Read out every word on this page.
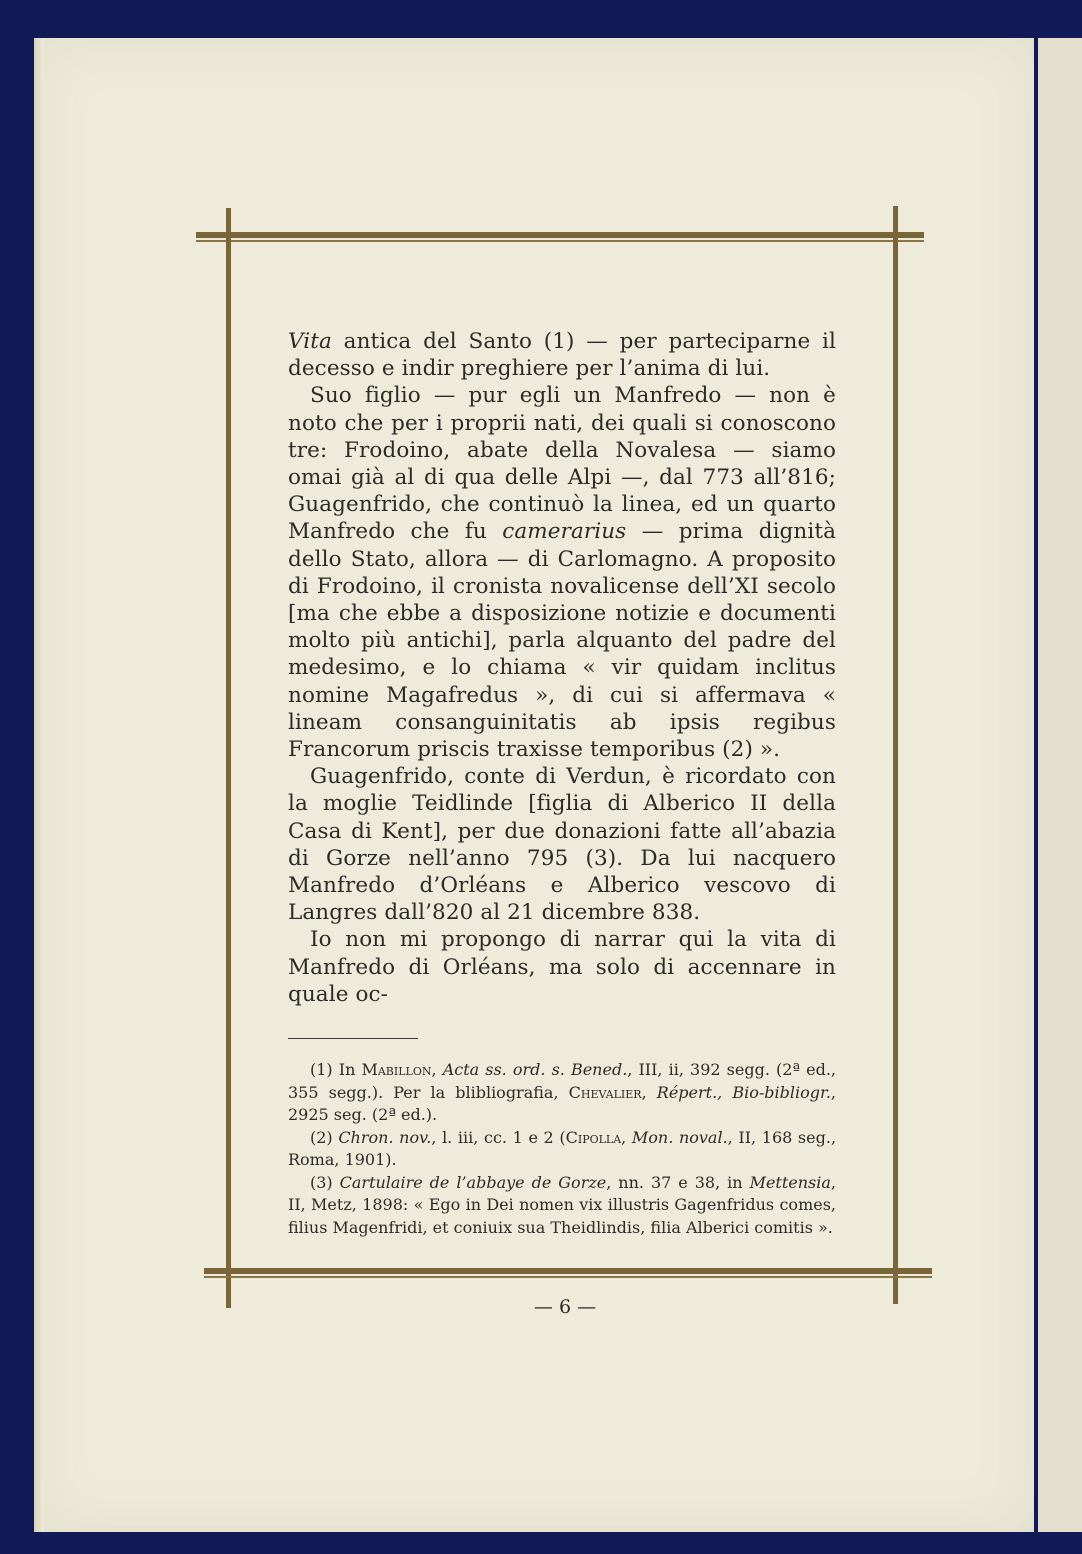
Vita antica del Santo (1) — per parteciparne il decesso e indir preghiere per l’anima di lui.

Suo figlio — pur egli un Manfredo — non è noto che per i proprii nati, dei quali si conoscono tre: Frodoino, abate della Novalesa — siamo omai già al di qua delle Alpi —, dal 773 all’816; Guagenfrido, che continuò la linea, ed un quarto Manfredo che fu camerarius — prima dignità dello Stato, allora — di Carlomagno. A proposito di Frodoino, il cronista novalicense dell’XI secolo [ma che ebbe a disposizione notizie e documenti molto più antichi], parla alquanto del padre del medesimo, e lo chiama « vir quidam inclitus nomine Magafredus », di cui si affermava « lineam consanguinitatis ab ipsis regibus Francorum priscis traxisse temporibus (2) ».

Guagenfrido, conte di Verdun, è ricordato con la moglie Teidlinde [figlia di Alberico II della Casa di Kent], per due donazioni fatte all’abazia di Gorze nell’anno 795 (3). Da lui nacquero Manfredo d’Orléans e Alberico vescovo di Langres dall’820 al 21 dicembre 838.

Io non mi propongo di narrar qui la vita di Manfredo di Orléans, ma solo di accennare in quale oc-

(1) In Mabillon, Acta ss. ord. s. Bened., III, ii, 392 segg. (2ª ed., 355 segg.). Per la blibliografia, Chevalier, Répert., Bio-bibliogr., 2925 seg. (2ª ed.).

(2) Chron. nov., l. iii, cc. 1 e 2 (Cipolla, Mon. noval., II, 168 seg., Roma, 1901).

(3) Cartulaire de l’abbaye de Gorze, nn. 37 e 38, in Mettensia, II, Metz, 1898: « Ego in Dei nomen vix illustris Gagenfridus comes, filius Magenfridi, et coniuix sua Theidlindis, filia Alberici comitis ».

— 6 —
